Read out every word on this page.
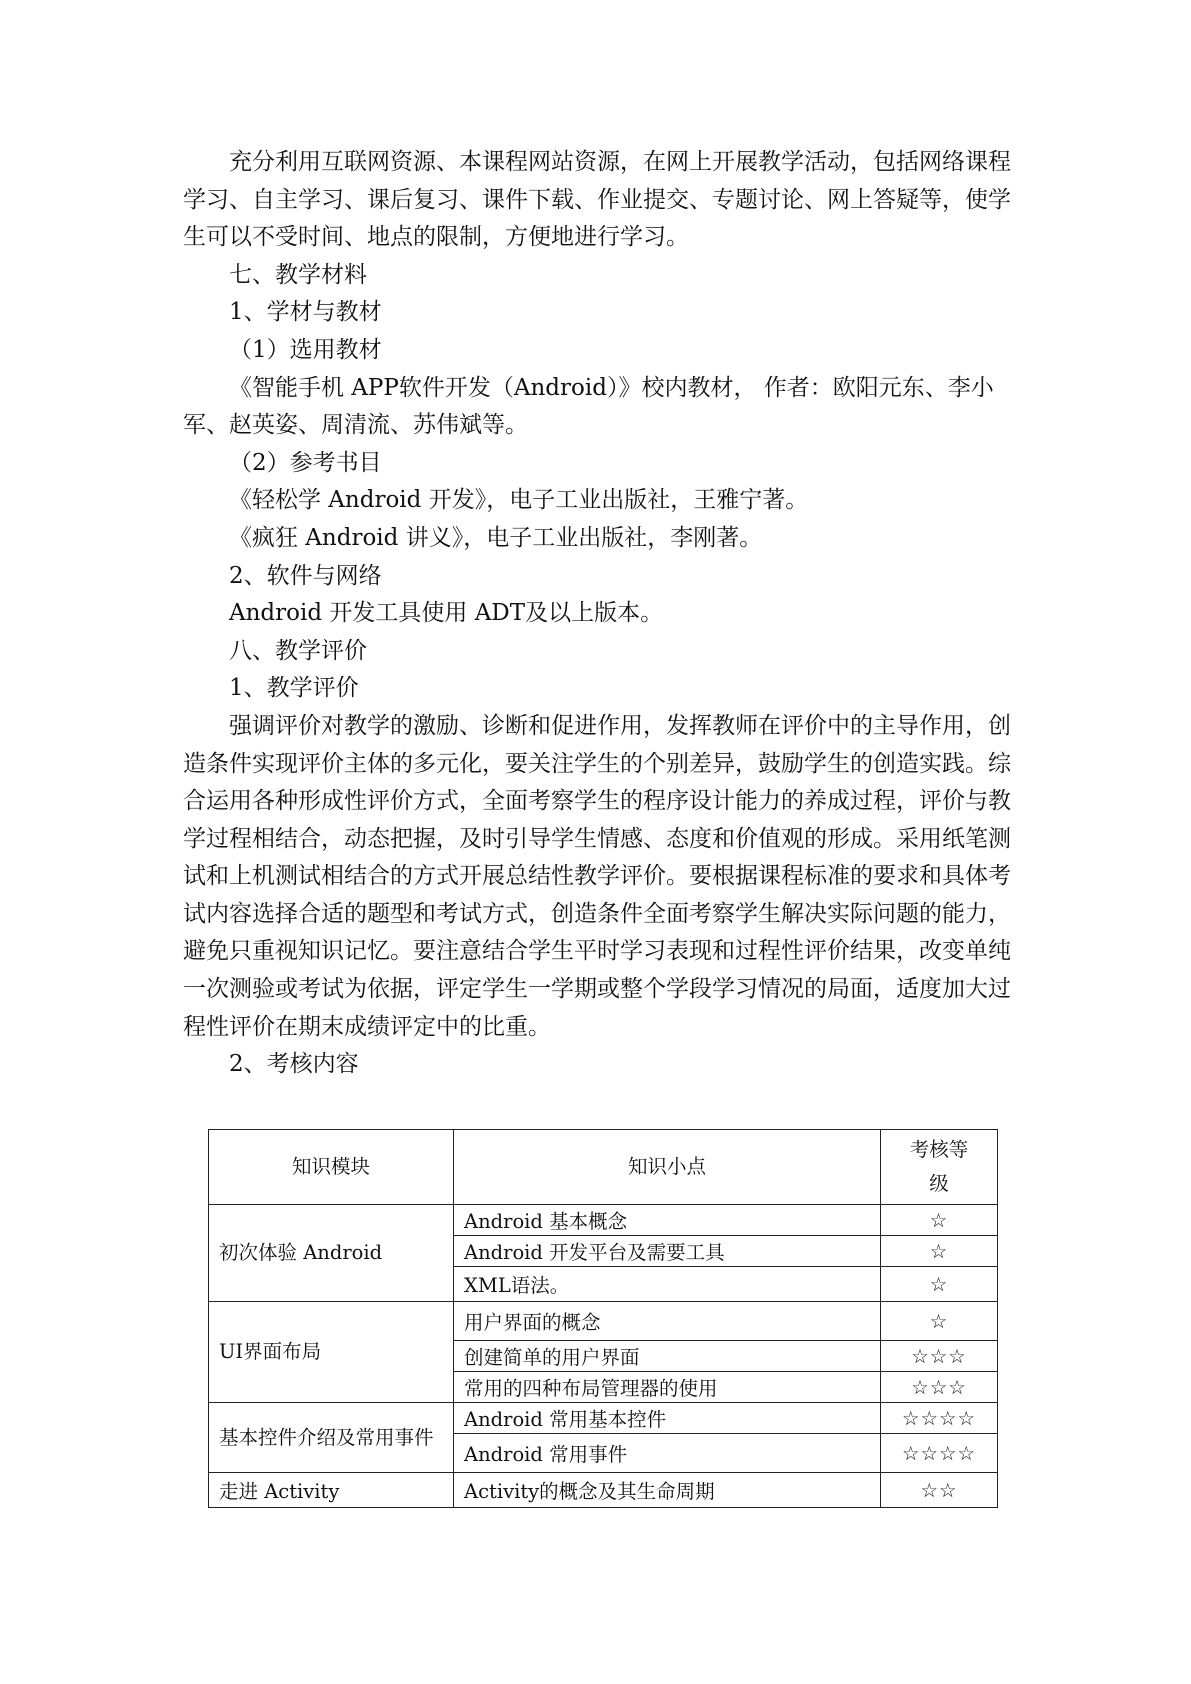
充分利用互联网资源、本课程网站资源，在网上开展教学活动，包括网络课程学习、自主学习、课后复习、课件下载、作业提交、专题讨论、网上答疑等，使学生可以不受时间、地点的限制，方便地进行学习。

七、教学材料

1、学材与教材

（1）选用教材

《智能手机 APP软件开发（Android）》校内教材， 作者：欧阳元东、李小军、赵英姿、周清流、苏伟斌等。

（2）参考书目

《轻松学 Android 开发》，电子工业出版社，王雅宁著。

《疯狂 Android 讲义》，电子工业出版社，李刚著。

2、软件与网络

Android 开发工具使用 ADT及以上版本。

八、教学评价

1、教学评价

强调评价对教学的激励、诊断和促进作用，发挥教师在评价中的主导作用，创造条件实现评价主体的多元化，要关注学生的个别差异，鼓励学生的创造实践。综合运用各种形成性评价方式，全面考察学生的程序设计能力的养成过程，评价与教学过程相结合，动态把握，及时引导学生情感、态度和价值观的形成。采用纸笔测试和上机测试相结合的方式开展总结性教学评价。要根据课程标准的要求和具体考试内容选择合适的题型和考试方式，创造条件全面考察学生解决实际问题的能力，避免只重视知识记忆。要注意结合学生平时学习表现和过程性评价结果，改变单纯一次测验或考试为依据，评定学生一学期或整个学段学习情况的局面，适度加大过程性评价在期末成绩评定中的比重。

2、考核内容

知识模块	知识小点	考核等级
初次体验 Android	Android 基本概念	☆
	Android 开发平台及需要工具	☆
	XML语法。	☆
UI界面布局	用户界面的概念	☆
	创建简单的用户界面	☆☆☆
	常用的四种布局管理器的使用	☆☆☆
基本控件介绍及常用事件	Android 常用基本控件	☆☆☆☆
	Android 常用事件	☆☆☆☆
走进 Activity	Activity的概念及其生命周期	☆☆
